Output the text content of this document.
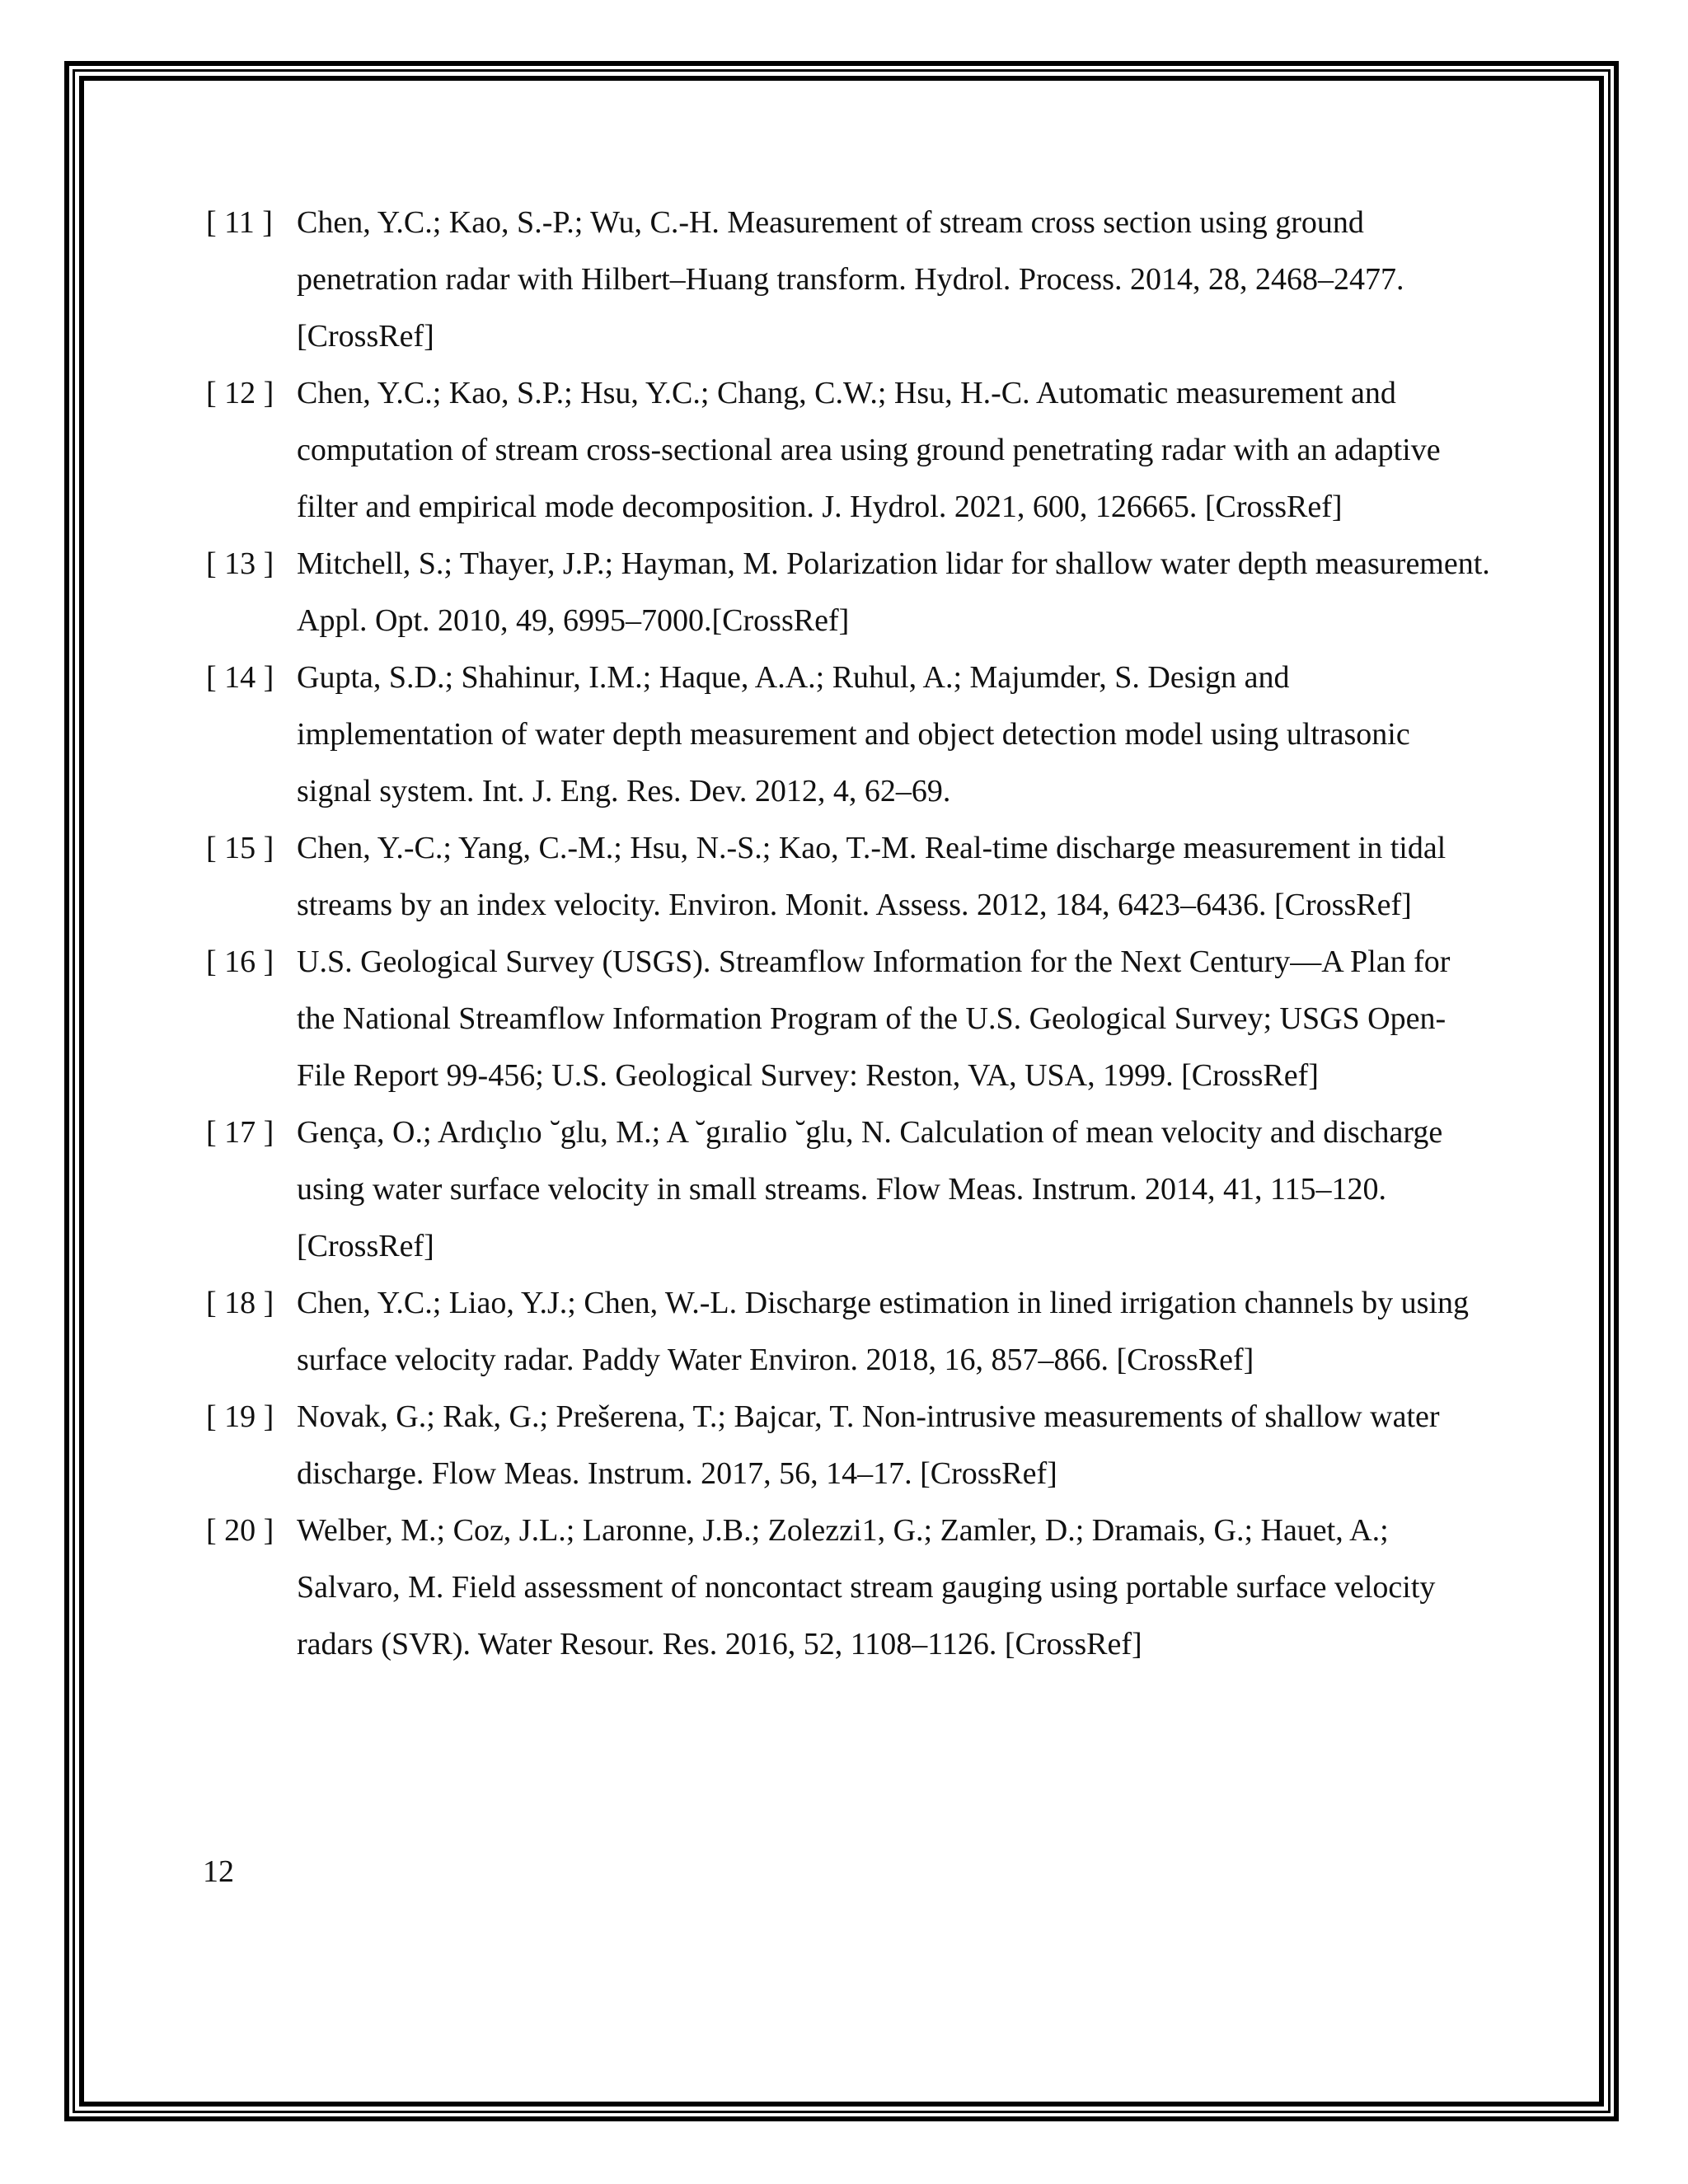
[ 11 ] Chen, Y.C.; Kao, S.-P.; Wu, C.-H. Measurement of stream cross section using ground penetration radar with Hilbert–Huang transform. Hydrol. Process. 2014, 28, 2468–2477. [CrossRef]
[ 12 ] Chen, Y.C.; Kao, S.P.; Hsu, Y.C.; Chang, C.W.; Hsu, H.-C. Automatic measurement and computation of stream cross-sectional area using ground penetrating radar with an adaptive filter and empirical mode decomposition. J. Hydrol. 2021, 600, 126665. [CrossRef]
[ 13 ] Mitchell, S.; Thayer, J.P.; Hayman, M. Polarization lidar for shallow water depth measurement. Appl. Opt. 2010, 49, 6995–7000.[CrossRef]
[ 14 ] Gupta, S.D.; Shahinur, I.M.; Haque, A.A.; Ruhul, A.; Majumder, S. Design and implementation of water depth measurement and object detection model using ultrasonic signal system. Int. J. Eng. Res. Dev. 2012, 4, 62–69.
[ 15 ] Chen, Y.-C.; Yang, C.-M.; Hsu, N.-S.; Kao, T.-M. Real-time discharge measurement in tidal streams by an index velocity. Environ. Monit. Assess. 2012, 184, 6423–6436. [CrossRef]
[ 16 ] U.S. Geological Survey (USGS). Streamflow Information for the Next Century—A Plan for the National Streamflow Information Program of the U.S. Geological Survey; USGS Open-File Report 99-456; U.S. Geological Survey: Reston, VA, USA, 1999. [CrossRef]
[ 17 ] Gença, O.; Ardıçlıo ˘glu, M.; A ˘gıralio ˘glu, N. Calculation of mean velocity and discharge using water surface velocity in small streams. Flow Meas. Instrum. 2014, 41, 115–120. [CrossRef]
[ 18 ] Chen, Y.C.; Liao, Y.J.; Chen, W.-L. Discharge estimation in lined irrigation channels by using surface velocity radar. Paddy Water Environ. 2018, 16, 857–866. [CrossRef]
[ 19 ] Novak, G.; Rak, G.; Prešerena, T.; Bajcar, T. Non-intrusive measurements of shallow water discharge. Flow Meas. Instrum. 2017, 56, 14–17. [CrossRef]
[ 20 ] Welber, M.; Coz, J.L.; Laronne, J.B.; Zolezzi1, G.; Zamler, D.; Dramais, G.; Hauet, A.; Salvaro, M. Field assessment of noncontact stream gauging using portable surface velocity radars (SVR). Water Resour. Res. 2016, 52, 1108–1126. [CrossRef]
12
